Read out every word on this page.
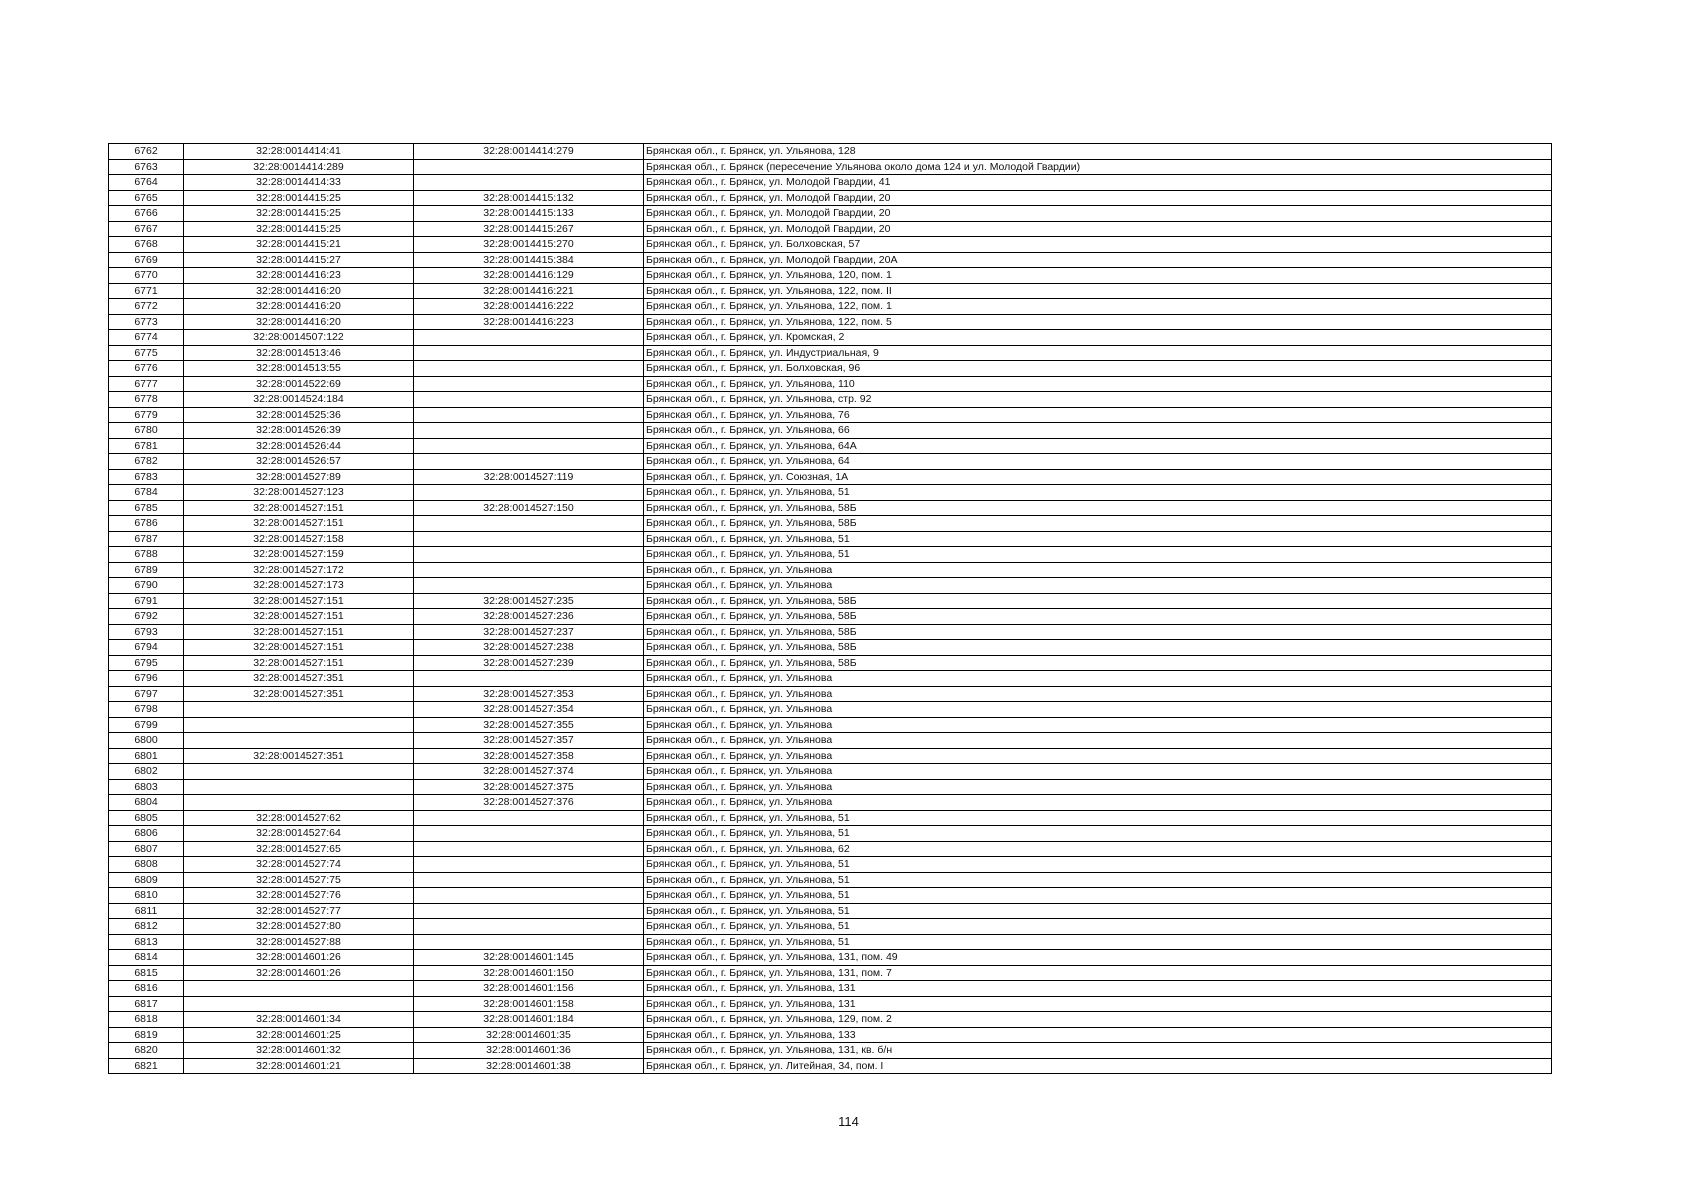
6762	32:28:0014414:41	32:28:0014414:279	Брянская обл., г. Брянск, ул. Ульянова, 128
6763	32:28:0014414:289		Брянская обл., г. Брянск (пересечение Ульянова около дома 124 и ул. Молодой Гвардии)
6764	32:28:0014414:33		Брянская обл., г. Брянск, ул. Молодой Гвардии, 41
6765	32:28:0014415:25	32:28:0014415:132	Брянская обл., г. Брянск, ул. Молодой Гвардии, 20
6766	32:28:0014415:25	32:28:0014415:133	Брянская обл., г. Брянск, ул. Молодой Гвардии, 20
6767	32:28:0014415:25	32:28:0014415:267	Брянская обл., г. Брянск, ул. Молодой Гвардии, 20
6768	32:28:0014415:21	32:28:0014415:270	Брянская обл., г. Брянск, ул. Болховская, 57
6769	32:28:0014415:27	32:28:0014415:384	Брянская обл., г. Брянск, ул. Молодой Гвардии, 20А
6770	32:28:0014416:23	32:28:0014416:129	Брянская обл., г. Брянск, ул. Ульянова, 120, пом. 1
6771	32:28:0014416:20	32:28:0014416:221	Брянская обл., г. Брянск, ул. Ульянова, 122, пом. II
6772	32:28:0014416:20	32:28:0014416:222	Брянская обл., г. Брянск, ул. Ульянова, 122, пом. 1
6773	32:28:0014416:20	32:28:0014416:223	Брянская обл., г. Брянск, ул. Ульянова, 122, пом. 5
6774	32:28:0014507:122		Брянская обл., г. Брянск, ул. Кромская, 2
6775	32:28:0014513:46		Брянская обл., г. Брянск, ул. Индустриальная, 9
6776	32:28:0014513:55		Брянская обл., г. Брянск, ул. Болховская, 96
6777	32:28:0014522:69		Брянская обл., г. Брянск, ул. Ульянова, 110
6778	32:28:0014524:184		Брянская обл., г. Брянск, ул. Ульянова, стр. 92
6779	32:28:0014525:36		Брянская обл., г. Брянск, ул. Ульянова, 76
6780	32:28:0014526:39		Брянская обл., г. Брянск, ул. Ульянова, 66
6781	32:28:0014526:44		Брянская обл., г. Брянск, ул. Ульянова, 64А
6782	32:28:0014526:57		Брянская обл., г. Брянск, ул. Ульянова, 64
6783	32:28:0014527:89	32:28:0014527:119	Брянская обл., г. Брянск, ул. Союзная, 1А
6784	32:28:0014527:123		Брянская обл., г. Брянск, ул. Ульянова, 51
6785	32:28:0014527:151	32:28:0014527:150	Брянская обл., г. Брянск, ул. Ульянова, 58Б
6786	32:28:0014527:151		Брянская обл., г. Брянск, ул. Ульянова, 58Б
6787	32:28:0014527:158		Брянская обл., г. Брянск, ул. Ульянова, 51
6788	32:28:0014527:159		Брянская обл., г. Брянск, ул. Ульянова, 51
6789	32:28:0014527:172		Брянская обл., г. Брянск, ул. Ульянова
6790	32:28:0014527:173		Брянская обл., г. Брянск, ул. Ульянова
6791	32:28:0014527:151	32:28:0014527:235	Брянская обл., г. Брянск, ул. Ульянова, 58Б
6792	32:28:0014527:151	32:28:0014527:236	Брянская обл., г. Брянск, ул. Ульянова, 58Б
6793	32:28:0014527:151	32:28:0014527:237	Брянская обл., г. Брянск, ул. Ульянова, 58Б
6794	32:28:0014527:151	32:28:0014527:238	Брянская обл., г. Брянск, ул. Ульянова, 58Б
6795	32:28:0014527:151	32:28:0014527:239	Брянская обл., г. Брянск, ул. Ульянова, 58Б
6796	32:28:0014527:351		Брянская обл., г. Брянск, ул. Ульянова
6797	32:28:0014527:351	32:28:0014527:353	Брянская обл., г. Брянск, ул. Ульянова
6798		32:28:0014527:354	Брянская обл., г. Брянск, ул. Ульянова
6799		32:28:0014527:355	Брянская обл., г. Брянск, ул. Ульянова
6800		32:28:0014527:357	Брянская обл., г. Брянск, ул. Ульянова
6801	32:28:0014527:351	32:28:0014527:358	Брянская обл., г. Брянск, ул. Ульянова
6802		32:28:0014527:374	Брянская обл., г. Брянск, ул. Ульянова
6803		32:28:0014527:375	Брянская обл., г. Брянск, ул. Ульянова
6804		32:28:0014527:376	Брянская обл., г. Брянск, ул. Ульянова
6805	32:28:0014527:62		Брянская обл., г. Брянск, ул. Ульянова, 51
6806	32:28:0014527:64		Брянская обл., г. Брянск, ул. Ульянова, 51
6807	32:28:0014527:65		Брянская обл., г. Брянск, ул. Ульянова, 62
6808	32:28:0014527:74		Брянская обл., г. Брянск, ул. Ульянова, 51
6809	32:28:0014527:75		Брянская обл., г. Брянск, ул. Ульянова, 51
6810	32:28:0014527:76		Брянская обл., г. Брянск, ул. Ульянова, 51
6811	32:28:0014527:77		Брянская обл., г. Брянск, ул. Ульянова, 51
6812	32:28:0014527:80		Брянская обл., г. Брянск, ул. Ульянова, 51
6813	32:28:0014527:88		Брянская обл., г. Брянск, ул. Ульянова, 51
6814	32:28:0014601:26	32:28:0014601:145	Брянская обл., г. Брянск, ул. Ульянова, 131, пом. 49
6815	32:28:0014601:26	32:28:0014601:150	Брянская обл., г. Брянск, ул. Ульянова, 131, пом. 7
6816		32:28:0014601:156	Брянская обл., г. Брянск, ул. Ульянова, 131
6817		32:28:0014601:158	Брянская обл., г. Брянск, ул. Ульянова, 131
6818	32:28:0014601:34	32:28:0014601:184	Брянская обл., г. Брянск, ул. Ульянова, 129, пом. 2
6819	32:28:0014601:25	32:28:0014601:35	Брянская обл., г. Брянск, ул. Ульянова, 133
6820	32:28:0014601:32	32:28:0014601:36	Брянская обл., г. Брянск, ул. Ульянова, 131, кв. б/н
6821	32:28:0014601:21	32:28:0014601:38	Брянская обл., г. Брянск, ул. Литейная, 34, пом. I
114
